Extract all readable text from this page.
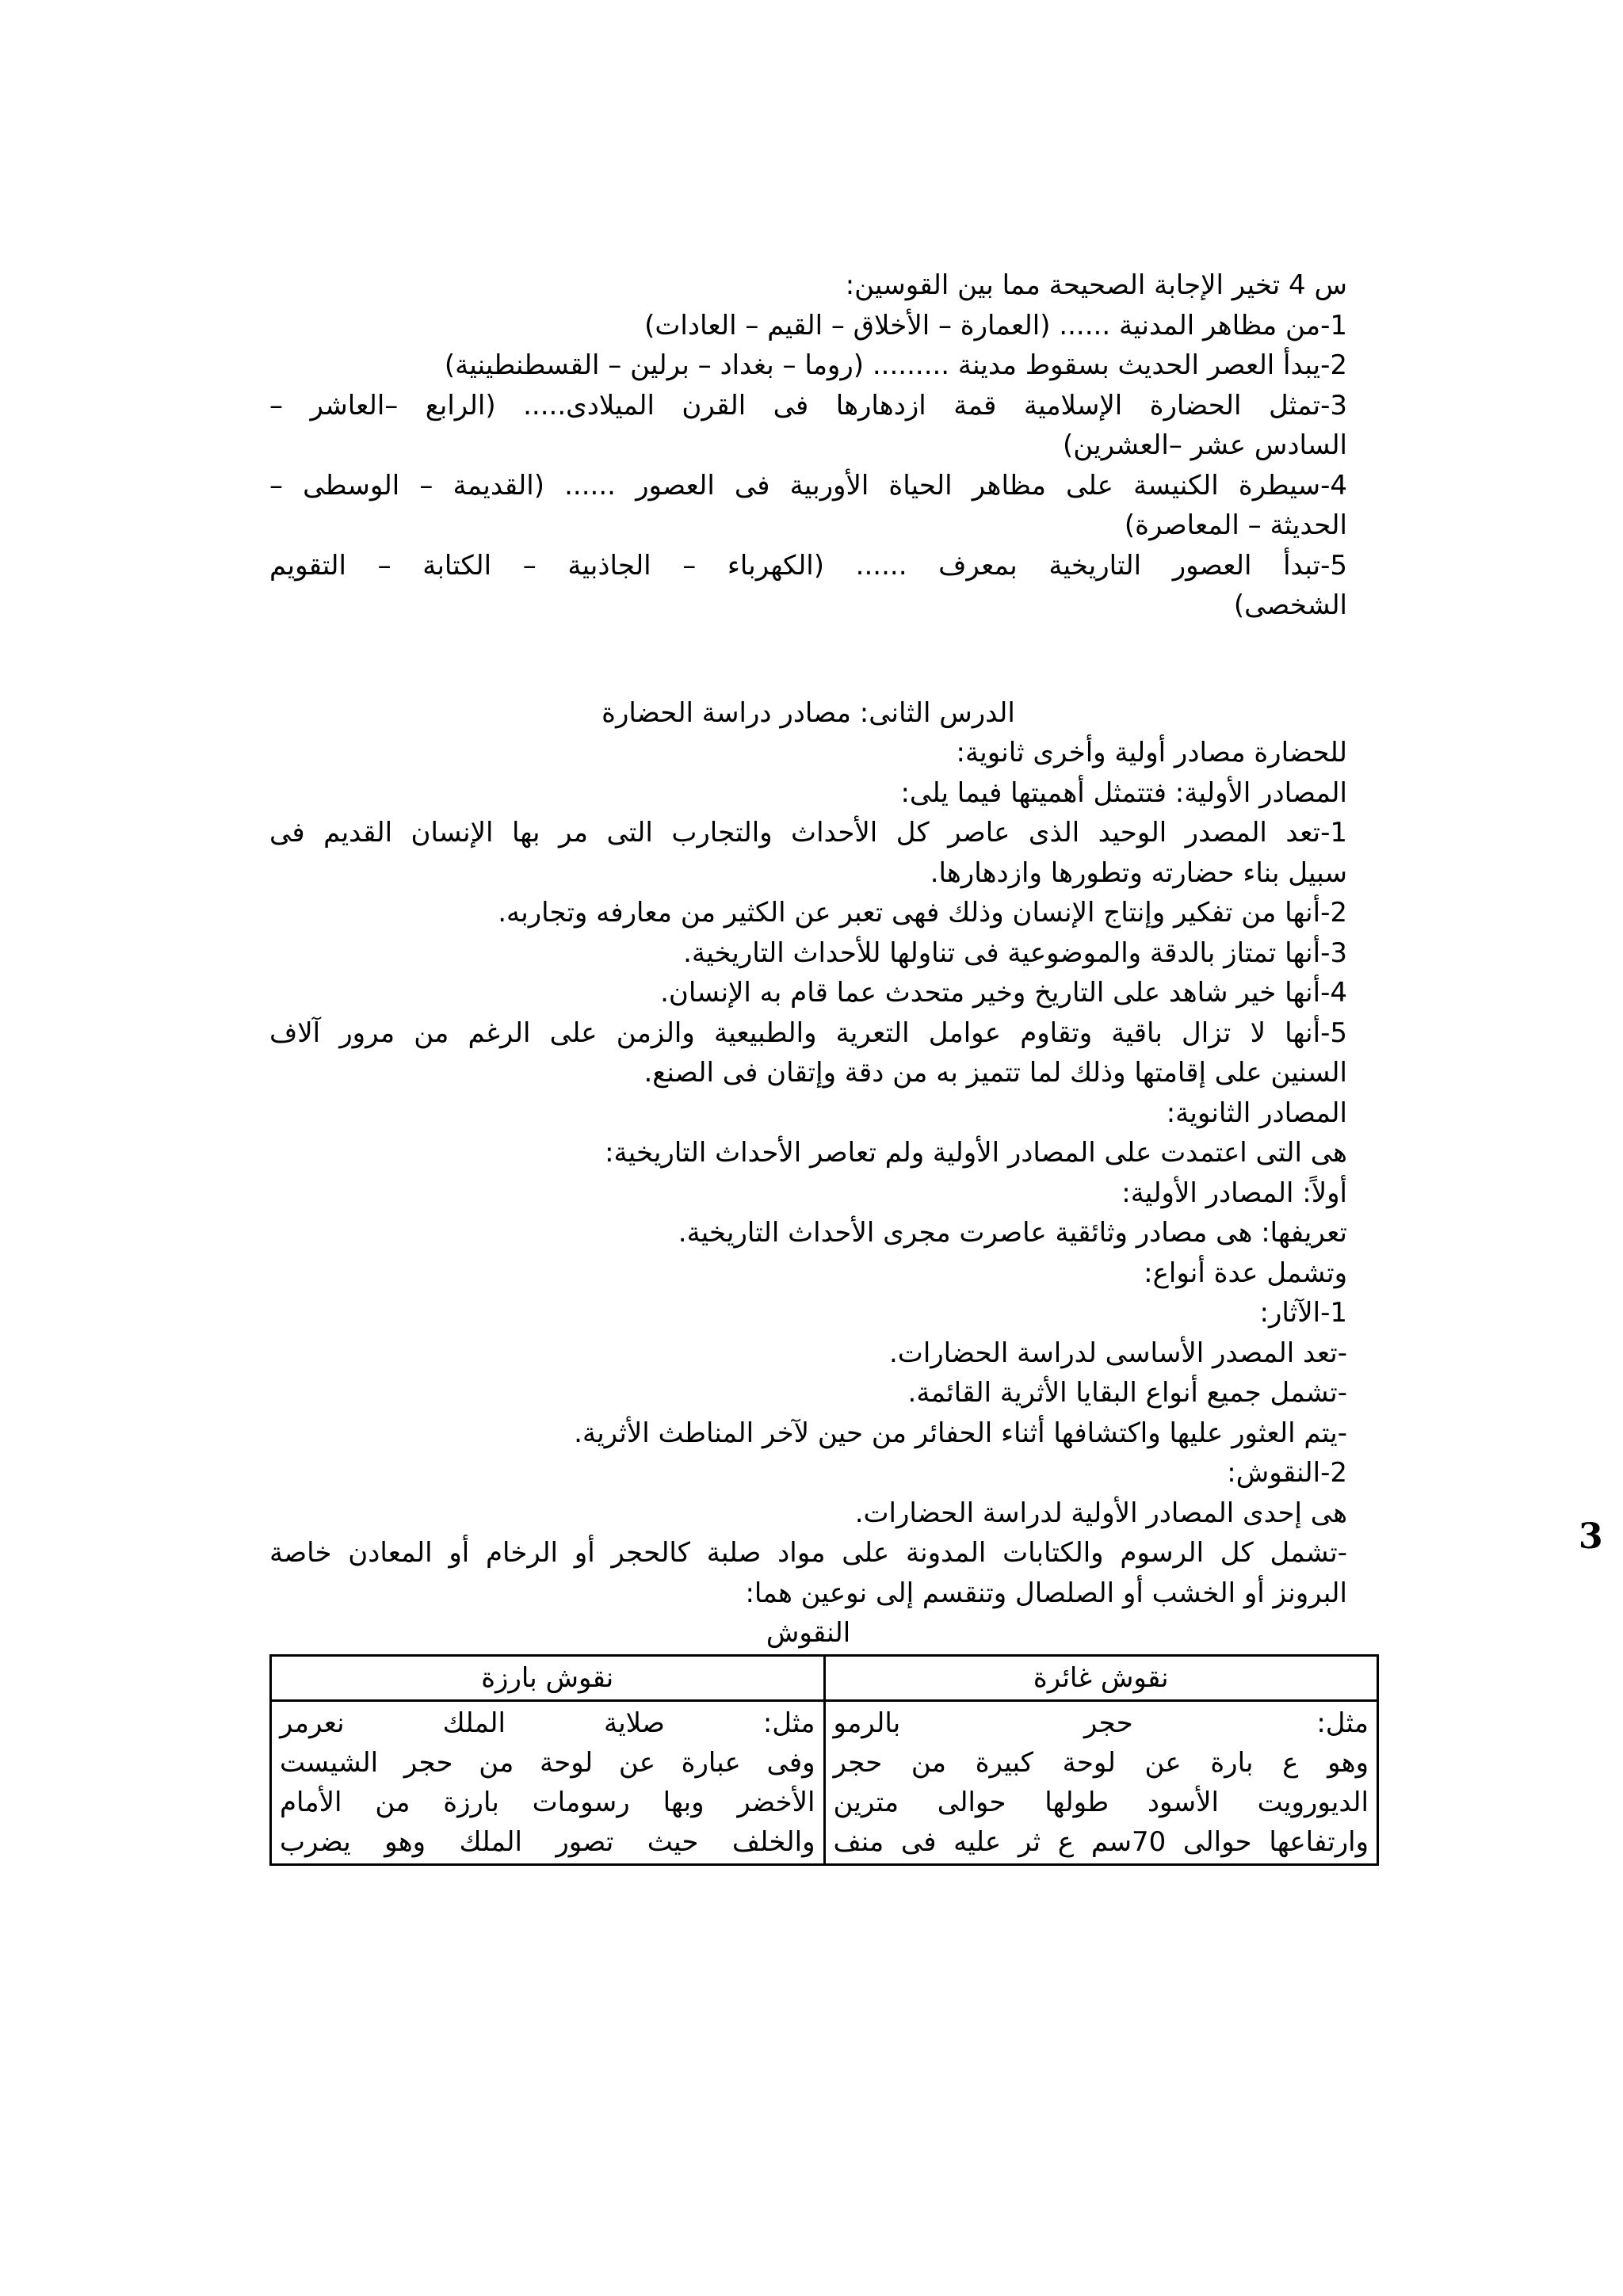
س 4 تخير الإجابة الصحيحة مما بين القوسين:
1-من مظاهر المدنية ...... (العمارة – الأخلاق – القيم – العادات)
2-يبدأ العصر الحديث بسقوط مدينة ......... (روما – بغداد – برلين – القسطنطينية)
3-تمثل الحضارة الإسلامية قمة ازدهارها فى القرن الميلادى..... (الرابع –العاشر –
السادس عشر –العشرين)
4-سيطرة الكنيسة على مظاهر الحياة الأوربية فى العصور ...... (القديمة – الوسطى –
الحديثة – المعاصرة)
5-تبدأ العصور التاريخية بمعرف ...... (الكهرباء – الجاذبية – الكتابة – التقويم
الشخصى)
الدرس الثانى: مصادر دراسة الحضارة
للحضارة مصادر أولية وأخرى ثانوية:
المصادر الأولية: فتتمثل أهميتها فيما يلى:
1-تعد المصدر الوحيد الذى عاصر كل الأحداث والتجارب التى مر بها الإنسان القديم فى
سبيل بناء حضارته وتطورها وازدهارها.
2-أنها من تفكير وإنتاج الإنسان وذلك فهى تعبر عن الكثير من معارفه وتجاربه.
3-أنها تمتاز بالدقة والموضوعية فى تناولها للأحداث التاريخية.
4-أنها خير شاهد على التاريخ وخير متحدث عما قام به الإنسان.
5-أنها لا تزال باقية وتقاوم عوامل التعرية والطبيعية والزمن على الرغم من مرور آلاف
السنين على إقامتها وذلك لما تتميز به من دقة وإتقان فى الصنع.
المصادر الثانوية:
هى التى اعتمدت على المصادر الأولية ولم تعاصر الأحداث التاريخية:
أولاً: المصادر الأولية:
تعريفها: هى مصادر وثائقية عاصرت مجرى الأحداث التاريخية.
وتشمل عدة أنواع:
1-الآثار:
-تعد المصدر الأساسى لدراسة الحضارات.
-تشمل جميع أنواع البقايا الأثرية القائمة.
-يتم العثور عليها واكتشافها أثناء الحفائر من حين لآخر المناطث الأثرية.
2-النقوش:
هى إحدى المصادر الأولية لدراسة الحضارات.
-تشمل كل الرسوم والكتابات المدونة على مواد صلبة كالحجر أو الرخام أو المعادن خاصة
البرونز أو الخشب أو الصلصال وتنقسم إلى نوعين هما:
النقوش
نقوش غائرة	نقوش بارزة

مثل: حجر بالرمو
وهو ع بارة عن لوحة كبيرة من حجر
الديورويت الأسود طولها حوالى مترين
وارتفاعها حوالى 70سم ع ثر عليه فى منف	مثل: صلاية الملك نعرمر
وفى عبارة عن لوحة من حجر الشيست
الأخضر وبها رسومات بارزة من الأمام
والخلف حيث تصور الملك وهو يضرب
3
